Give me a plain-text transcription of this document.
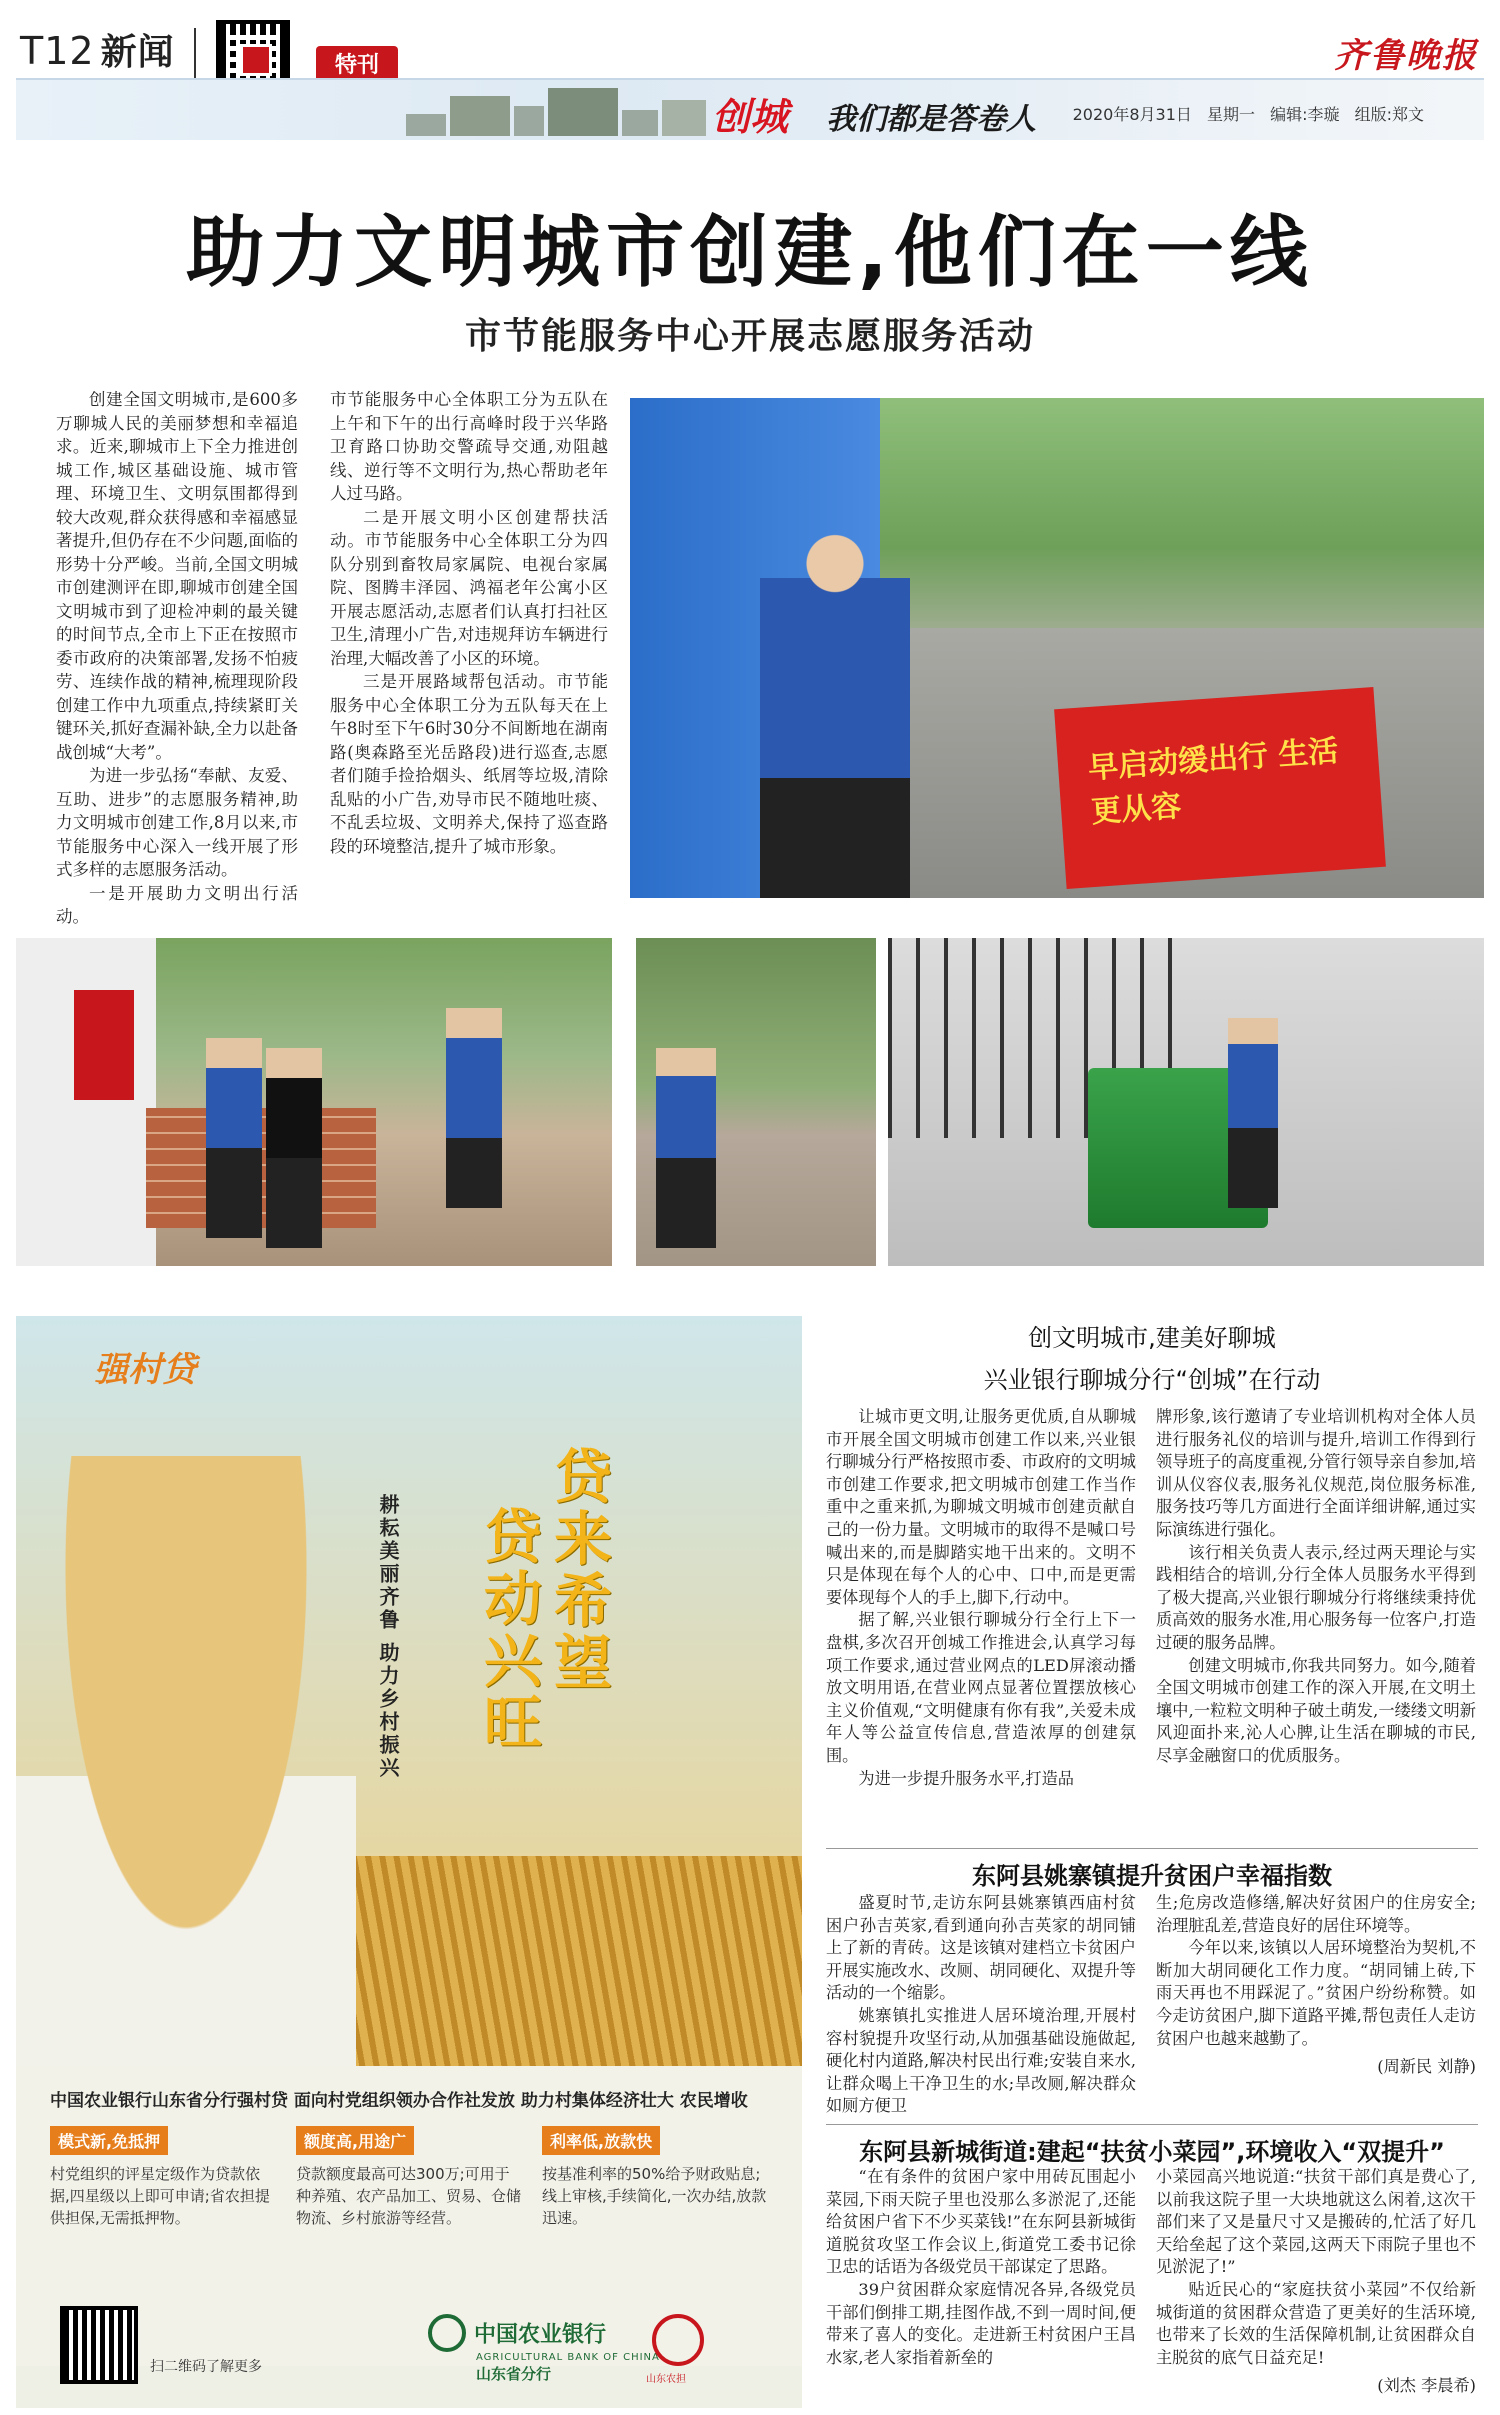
T12 新闻	特刊	齐鲁晚报
创城 我们都是答卷人 2020年8月31日 星期一 编辑:李璇 组版:郑文
助力文明城市创建,他们在一线
市节能服务中心开展志愿服务活动

创建全国文明城市,是600多万聊城人民的美丽梦想和幸福追求。近来,聊城市上下全力推进创城工作,城区基础设施、城市管理、环境卫生、文明氛围都得到较大改观,群众获得感和幸福感显著提升,但仍存在不少问题,面临的形势十分严峻。当前,全国文明城市创建测评在即,聊城市创建全国文明城市到了迎检冲刺的最关键的时间节点,全市上下正在按照市委市政府的决策部署,发扬不怕疲劳、连续作战的精神,梳理现阶段创建工作中九项重点,持续紧盯关键环关,抓好查漏补缺,全力以赴备战创城“大考”。

为进一步弘扬“奉献、友爱、互助、进步”的志愿服务精神,助力文明城市创建工作,8月以来,市节能服务中心深入一线开展了形式多样的志愿服务活动。

一是开展助力文明出行活动。

市节能服务中心全体职工分为五队在上午和下午的出行高峰时段于兴华路卫育路口协助交警疏导交通,劝阻越线、逆行等不文明行为,热心帮助老年人过马路。

二是开展文明小区创建帮扶活动。市节能服务中心全体职工分为四队分别到畜牧局家属院、电视台家属院、图腾丰泽园、鸿福老年公寓小区开展志愿活动,志愿者们认真打扫社区卫生,清理小广告,对违规拜访车辆进行治理,大幅改善了小区的环境。

三是开展路域帮包活动。市节能服务中心全体职工分为五队每天在上午8时至下午6时30分不间断地在湖南路(奥森路至光岳路段)进行巡查,志愿者们随手捡拾烟头、纸屑等垃圾,清除乱贴的小广告,劝导市民不随地吐痰、不乱丢垃圾、文明养犬,保持了巡查路段的环境整洁,提升了城市形象。

早启动缓出行 生活更从容
强村贷
贷来希望
贷动兴旺
耕耘美丽齐鲁 助力乡村振兴
中国农业银行山东省分行强村贷 面向村党组织领办合作社发放 助力村集体经济壮大 农民增收
模式新,免抵押
村党组织的评星定级作为贷款依据,四星级以上即可申请;省农担提供担保,无需抵押物。
额度高,用途广
贷款额度最高可达300万;可用于种养殖、农产品加工、贸易、仓储物流、乡村旅游等经营。
利率低,放款快
按基准利率的50%给予财政贴息;线上审核,手续简化,一次办结,放款迅速。
扫二维码了解更多
中国农业银行
AGRICULTURAL BANK OF CHINA
山东省分行	山东农担
创文明城市,建美好聊城
兴业银行聊城分行“创城”在行动

让城市更文明,让服务更优质,自从聊城市开展全国文明城市创建工作以来,兴业银行聊城分行严格按照市委、市政府的文明城市创建工作要求,把文明城市创建工作当作重中之重来抓,为聊城文明城市创建贡献自己的一份力量。文明城市的取得不是喊口号喊出来的,而是脚踏实地干出来的。文明不只是体现在每个人的心中、口中,而是更需要体现每个人的手上,脚下,行动中。

据了解,兴业银行聊城分行全行上下一盘棋,多次召开创城工作推进会,认真学习每项工作要求,通过营业网点的LED屏滚动播放文明用语,在营业网点显著位置摆放核心主义价值观,“文明健康有你有我”,关爱未成年人等公益宣传信息,营造浓厚的创建氛围。

为进一步提升服务水平,打造品

牌形象,该行邀请了专业培训机构对全体人员进行服务礼仪的培训与提升,培训工作得到行领导班子的高度重视,分管行领导亲自参加,培训从仪容仪表,服务礼仪规范,岗位服务标准,服务技巧等几方面进行全面详细讲解,通过实际演练进行强化。

该行相关负责人表示,经过两天理论与实践相结合的培训,分行全体人员服务水平得到了极大提高,兴业银行聊城分行将继续秉持优质高效的服务水准,用心服务每一位客户,打造过硬的服务品牌。

创建文明城市,你我共同努力。如今,随着全国文明城市创建工作的深入开展,在文明土壤中,一粒粒文明种子破土萌发,一缕缕文明新风迎面扑来,沁人心脾,让生活在聊城的市民,尽享金融窗口的优质服务。

东阿县姚寨镇提升贫困户幸福指数

盛夏时节,走访东阿县姚寨镇西庙村贫困户孙吉英家,看到通向孙吉英家的胡同铺上了新的青砖。这是该镇对建档立卡贫困户开展实施改水、改厕、胡同硬化、双提升等活动的一个缩影。

姚寨镇扎实推进人居环境治理,开展村容村貌提升攻坚行动,从加强基础设施做起,硬化村内道路,解决村民出行难;安装自来水,让群众喝上干净卫生的水;旱改厕,解决群众如厕方便卫

生;危房改造修缮,解决好贫困户的住房安全;治理脏乱差,营造良好的居住环境等。

今年以来,该镇以人居环境整治为契机,不断加大胡同硬化工作力度。“胡同铺上砖,下雨天再也不用踩泥了。”贫困户纷纷称赞。如今走访贫困户,脚下道路平摊,帮包责任人走访贫困户也越来越勤了。

(周新民 刘静)

东阿县新城街道:建起“扶贫小菜园”,环境收入“双提升”

“在有条件的贫困户家中用砖瓦围起小菜园,下雨天院子里也没那么多淤泥了,还能给贫困户省下不少买菜钱!”在东阿县新城街道脱贫攻坚工作会议上,街道党工委书记徐卫忠的话语为各级党员干部谋定了思路。

39户贫困群众家庭情况各异,各级党员干部们倒排工期,挂图作战,不到一周时间,便带来了喜人的变化。走进新王村贫困户王昌水家,老人家指着新垒的

小菜园高兴地说道:“扶贫干部们真是费心了,以前我这院子里一大块地就这么闲着,这次干部们来了又是量尺寸又是搬砖的,忙活了好几天给垒起了这个菜园,这两天下雨院子里也不见淤泥了!”

贴近民心的“家庭扶贫小菜园”不仅给新城街道的贫困群众营造了更美好的生活环境,也带来了长效的生活保障机制,让贫困群众自主脱贫的底气日益充足!

(刘杰 李晨希)
